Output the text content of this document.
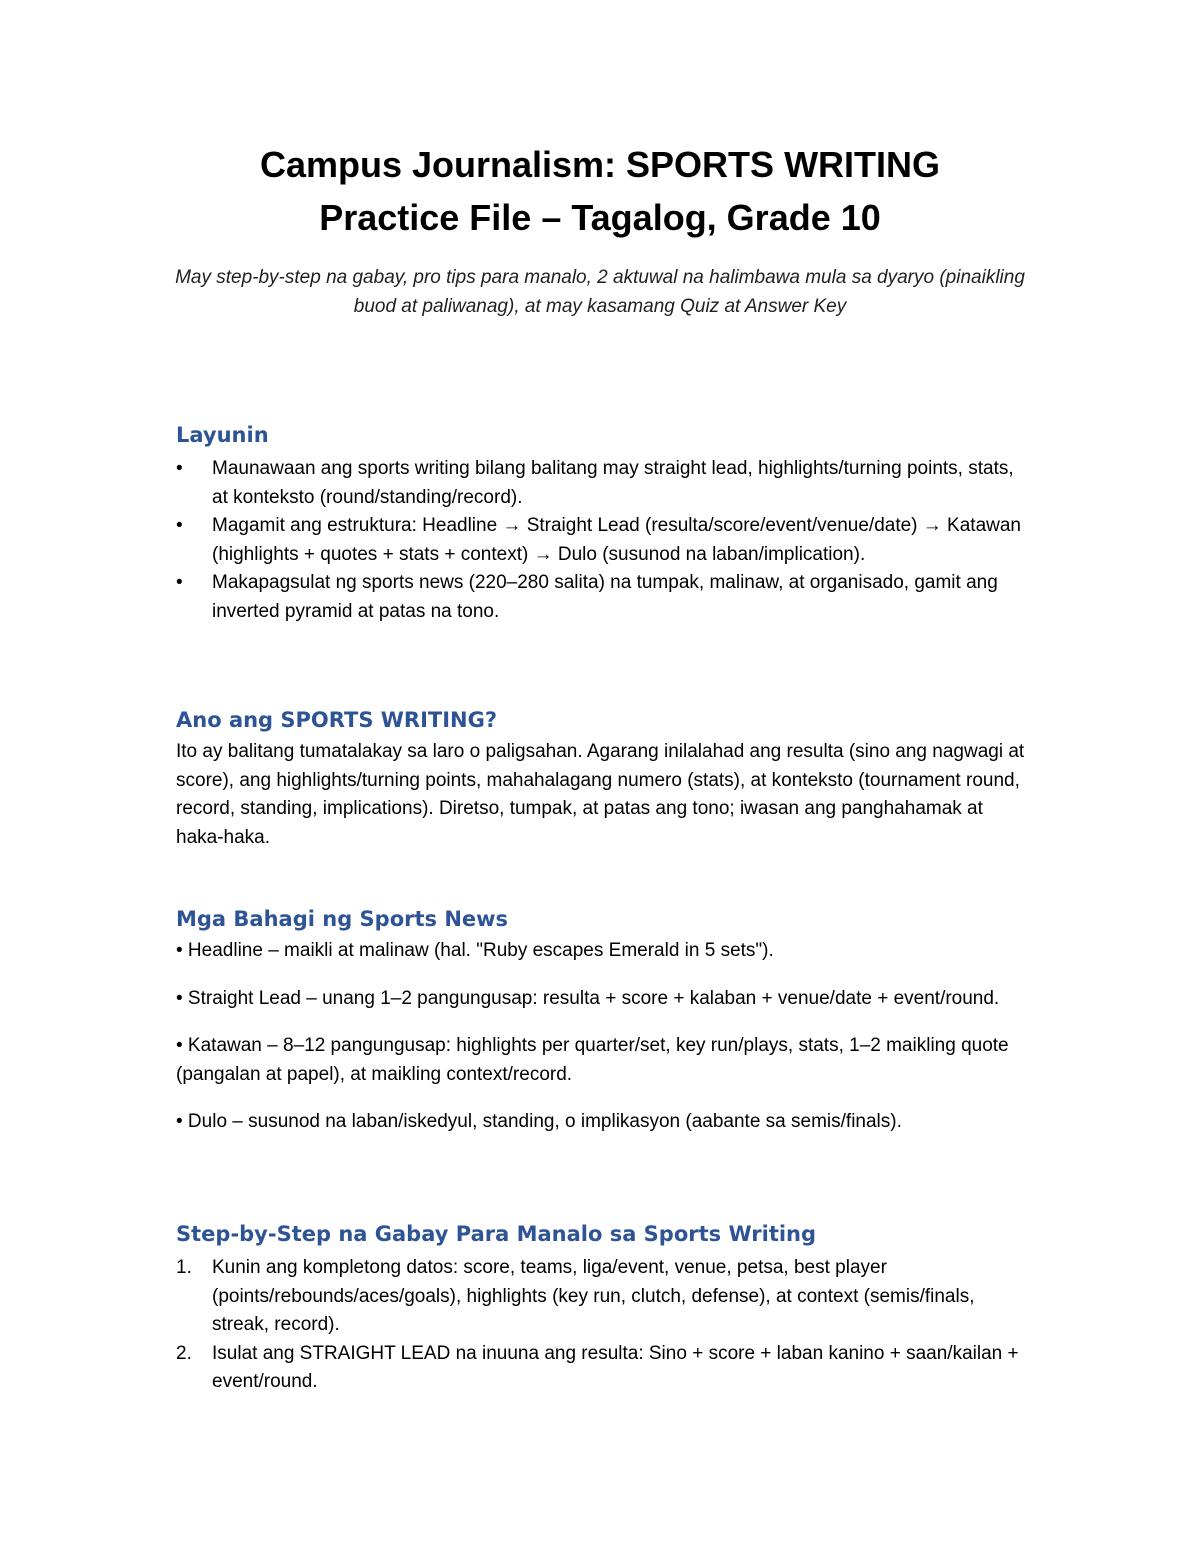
Campus Journalism: SPORTS WRITING
Practice File – Tagalog, Grade 10

May step-by-step na gabay, pro tips para manalo, 2 aktuwal na halimbawa mula sa dyaryo (pinaikling buod at paliwanag), at may kasamang Quiz at Answer Key

Layunin
•	Maunawaan ang sports writing bilang balitang may straight lead, highlights/turning points, stats, at konteksto (round/standing/record).
•	Magamit ang estruktura: Headline → Straight Lead (resulta/score/event/venue/date) → Katawan (highlights + quotes + stats + context) → Dulo (susunod na laban/implication).
•	Makapagsulat ng sports news (220–280 salita) na tumpak, malinaw, at organisado, gamit ang inverted pyramid at patas na tono.
Ano ang SPORTS WRITING?

Ito ay balitang tumatalakay sa laro o paligsahan. Agarang inilalahad ang resulta (sino ang nagwagi at score), ang highlights/turning points, mahahalagang numero (stats), at konteksto (tournament round, record, standing, implications). Diretso, tumpak, at patas ang tono; iwasan ang panghahamak at haka-haka.

Mga Bahagi ng Sports News

• Headline – maikli at malinaw (hal. "Ruby escapes Emerald in 5 sets").

• Straight Lead – unang 1–2 pangungusap: resulta + score + kalaban + venue/date + event/round.

• Katawan – 8–12 pangungusap: highlights per quarter/set, key run/plays, stats, 1–2 maikling quote (pangalan at papel), at maikling context/record.

• Dulo – susunod na laban/iskedyul, standing, o implikasyon (aabante sa semis/finals).

Step-by-Step na Gabay Para Manalo sa Sports Writing
1.	Kunin ang kompletong datos: score, teams, liga/event, venue, petsa, best player (points/rebounds/aces/goals), highlights (key run, clutch, defense), at context (semis/finals, streak, record).
2.	Isulat ang STRAIGHT LEAD na inuuna ang resulta: Sino + score + laban kanino + saan/kailan + event/round.
